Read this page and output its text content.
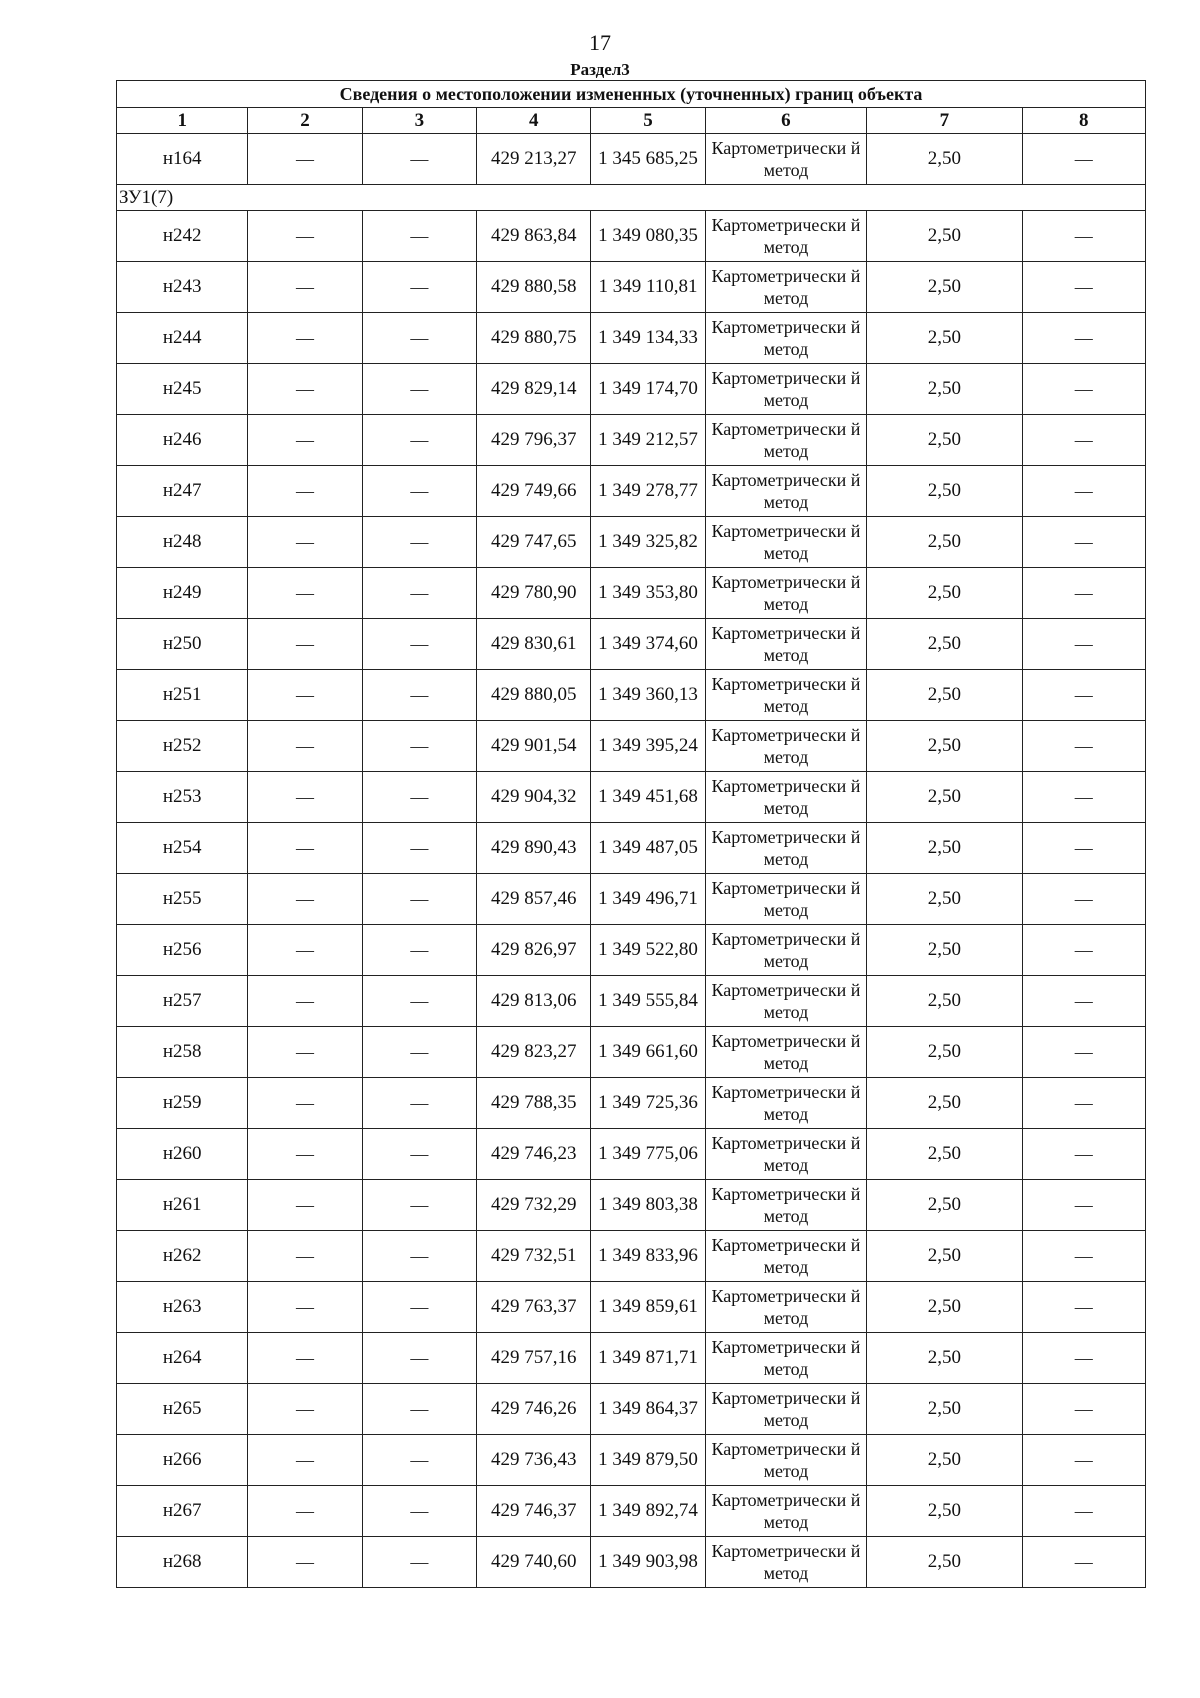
17
Раздел3
Сведения о местоположении измененных (уточненных) границ объекта							
1	2	3	4	5	6	7	8
н164	—	—	429 213,27	1 345 685,25	Картометрически й метод	2,50	—
ЗУ1(7)							
н242	—	—	429 863,84	1 349 080,35	Картометрически й метод	2,50	—
н243	—	—	429 880,58	1 349 110,81	Картометрически й метод	2,50	—
н244	—	—	429 880,75	1 349 134,33	Картометрически й метод	2,50	—
н245	—	—	429 829,14	1 349 174,70	Картометрически й метод	2,50	—
н246	—	—	429 796,37	1 349 212,57	Картометрически й метод	2,50	—
н247	—	—	429 749,66	1 349 278,77	Картометрически й метод	2,50	—
н248	—	—	429 747,65	1 349 325,82	Картометрически й метод	2,50	—
н249	—	—	429 780,90	1 349 353,80	Картометрически й метод	2,50	—
н250	—	—	429 830,61	1 349 374,60	Картометрически й метод	2,50	—
н251	—	—	429 880,05	1 349 360,13	Картометрически й метод	2,50	—
н252	—	—	429 901,54	1 349 395,24	Картометрически й метод	2,50	—
н253	—	—	429 904,32	1 349 451,68	Картометрически й метод	2,50	—
н254	—	—	429 890,43	1 349 487,05	Картометрически й метод	2,50	—
н255	—	—	429 857,46	1 349 496,71	Картометрически й метод	2,50	—
н256	—	—	429 826,97	1 349 522,80	Картометрически й метод	2,50	—
н257	—	—	429 813,06	1 349 555,84	Картометрически й метод	2,50	—
н258	—	—	429 823,27	1 349 661,60	Картометрически й метод	2,50	—
н259	—	—	429 788,35	1 349 725,36	Картометрически й метод	2,50	—
н260	—	—	429 746,23	1 349 775,06	Картометрически й метод	2,50	—
н261	—	—	429 732,29	1 349 803,38	Картометрически й метод	2,50	—
н262	—	—	429 732,51	1 349 833,96	Картометрически й метод	2,50	—
н263	—	—	429 763,37	1 349 859,61	Картометрически й метод	2,50	—
н264	—	—	429 757,16	1 349 871,71	Картометрически й метод	2,50	—
н265	—	—	429 746,26	1 349 864,37	Картометрически й метод	2,50	—
н266	—	—	429 736,43	1 349 879,50	Картометрически й метод	2,50	—
н267	—	—	429 746,37	1 349 892,74	Картометрически й метод	2,50	—
н268	—	—	429 740,60	1 349 903,98	Картометрически й метод	2,50	—
